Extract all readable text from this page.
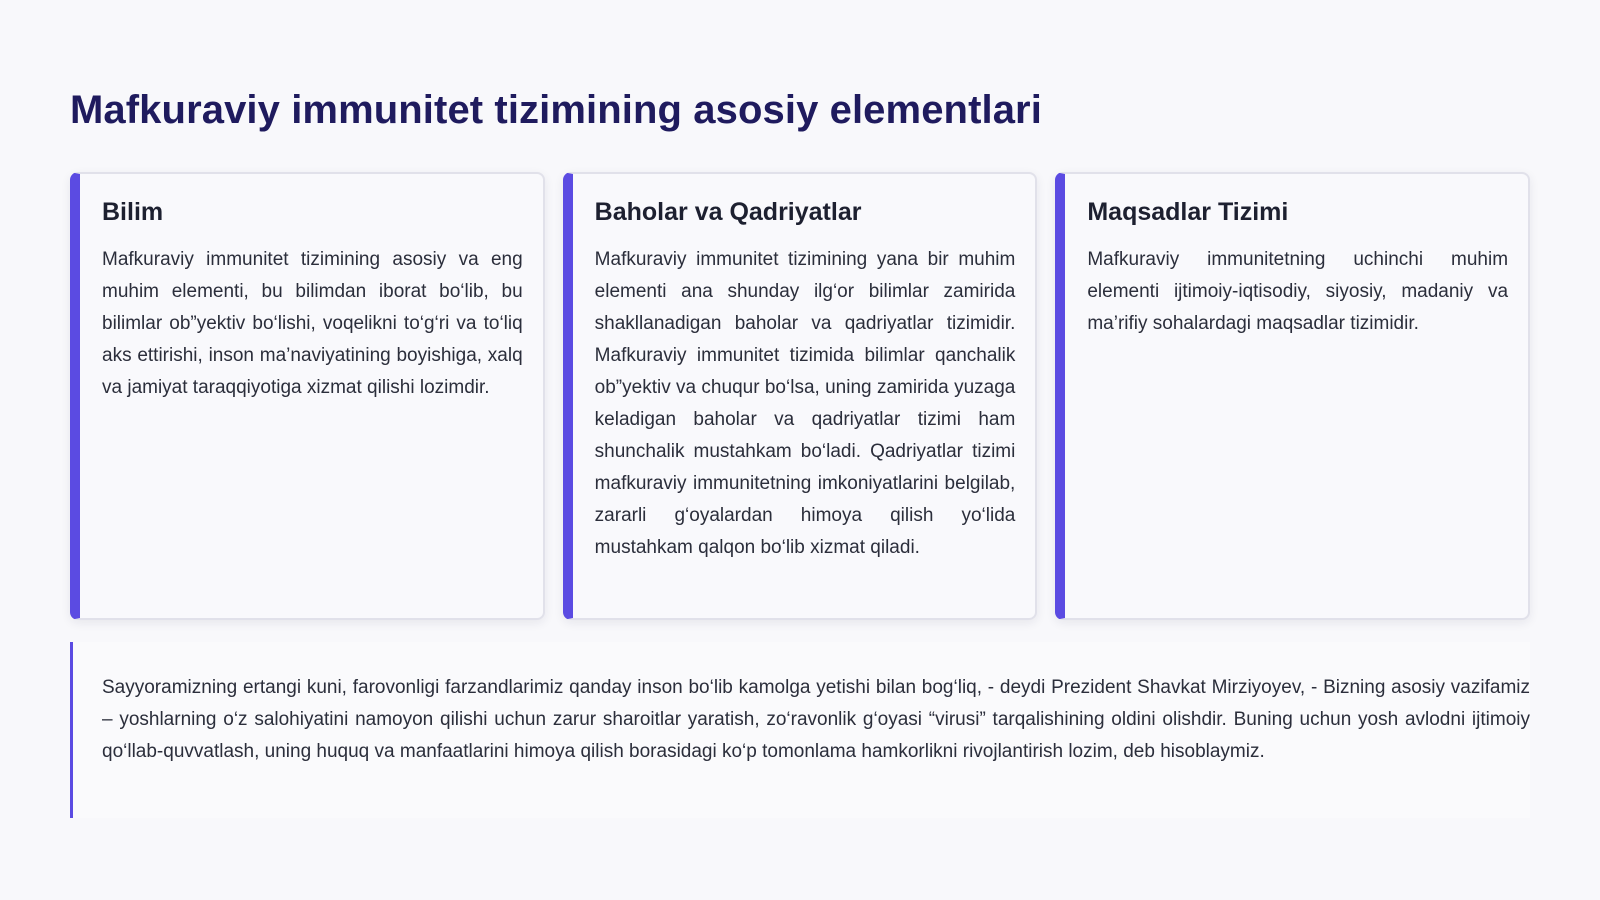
Mafkuraviy immunitet tizimining asosiy elementlari
Bilim

Mafkuraviy immunitet tizimining asosiy va eng muhim elementi, bu bilimdan iborat bo‘lib, bu bilimlar ob”yektiv bo‘lishi, voqelikni to‘g‘ri va to‘liq aks ettirishi, inson ma’naviyatining boyishiga, xalq va jamiyat taraqqiyotiga xizmat qilishi lozimdir.

Baholar va Qadriyatlar

Mafkuraviy immunitet tizimining yana bir muhim elementi ana shunday ilg‘or bilimlar zamirida shakllanadigan baholar va qadriyatlar tizimidir. Mafkuraviy immunitet tizimida bilimlar qanchalik ob”yektiv va chuqur bo‘lsa, uning zamirida yuzaga keladigan baholar va qadriyatlar tizimi ham shunchalik mustahkam bo‘ladi. Qadriyatlar tizimi mafkuraviy immunitetning imkoniyatlarini belgilab, zararli g‘oyalardan himoya qilish yo‘lida mustahkam qalqon bo‘lib xizmat qiladi.

Maqsadlar Tizimi

Mafkuraviy immunitetning uchinchi muhim elementi ijtimoiy-iqtisodiy, siyosiy, madaniy va ma’rifiy sohalardagi maqsadlar tizimidir.

Sayyoramizning ertangi kuni, farovonligi farzandlarimiz qanday inson bo‘lib kamolga yetishi bilan bog‘liq, - deydi Prezident Shavkat Mirziyoyev, - Bizning asosiy vazifamiz – yoshlarning o‘z salohiyatini namoyon qilishi uchun zarur sharoitlar yaratish, zo‘ravonlik g‘oyasi “virusi” tarqalishining oldini olishdir. Buning uchun yosh avlodni ijtimoiy qo‘llab-quvvatlash, uning huquq va manfaatlarini himoya qilish borasidagi ko‘p tomonlama hamkorlikni rivojlantirish lozim, deb hisoblaymiz.
